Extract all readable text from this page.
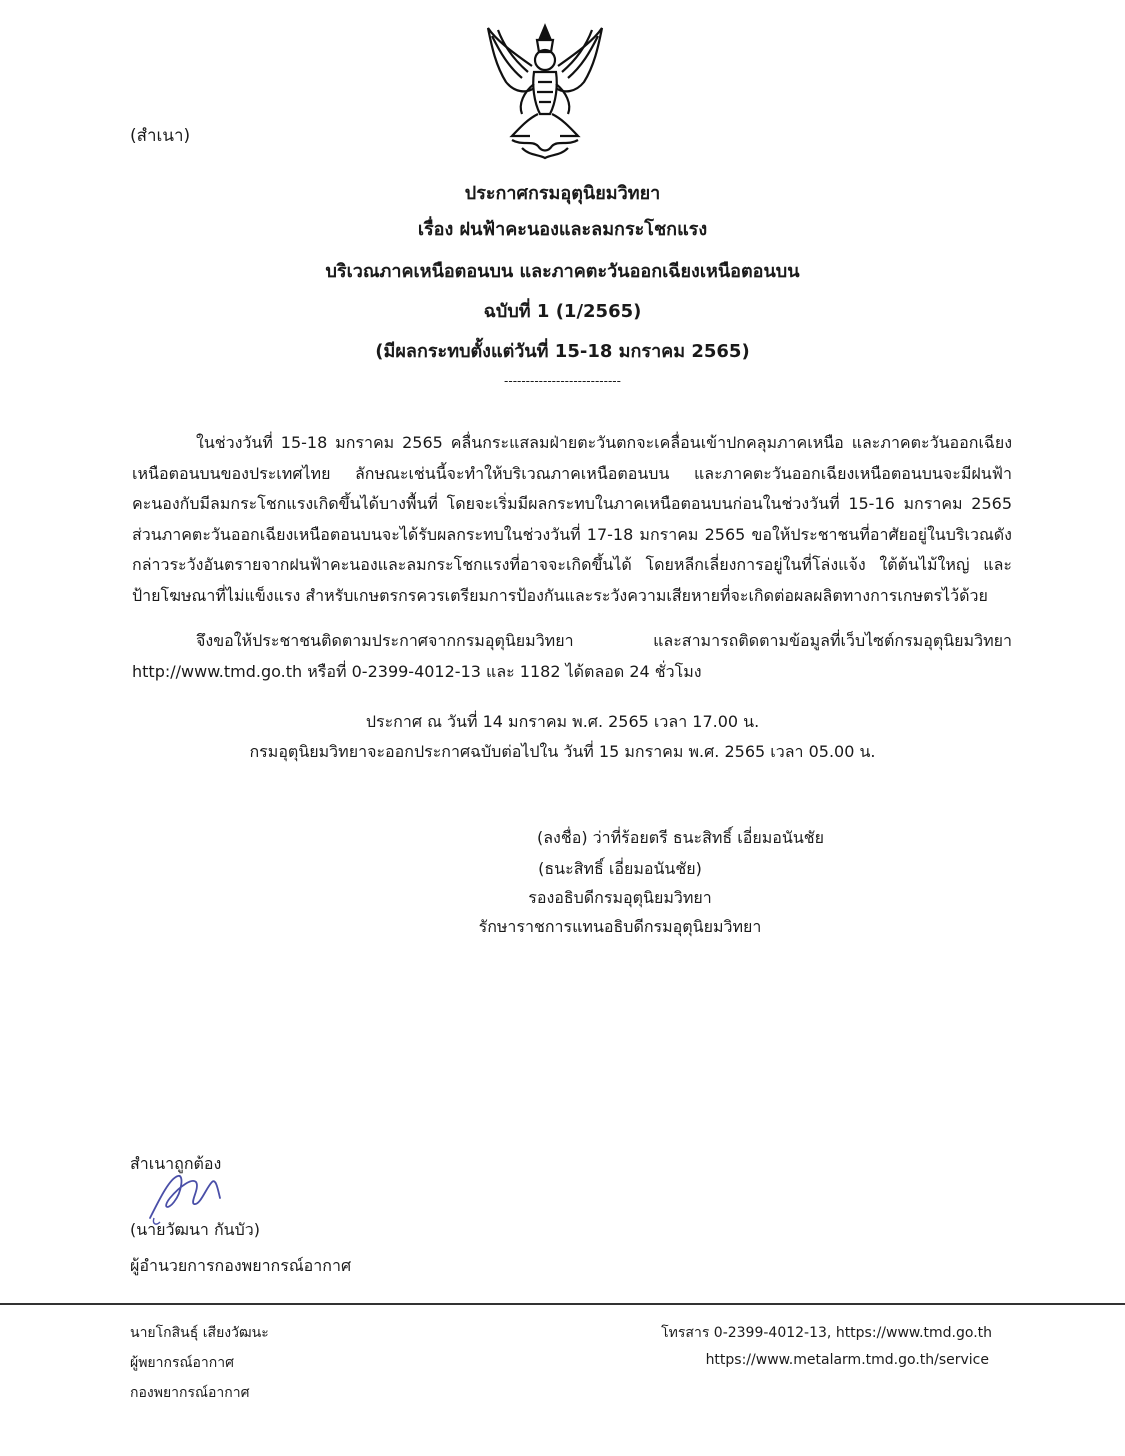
(สำเนา)
ประกาศกรมอุตุนิยมวิทยา
เรื่อง ฝนฟ้าคะนองและลมกระโชกแรง
บริเวณภาคเหนือตอนบน และภาคตะวันออกเฉียงเหนือตอนบน
ฉบับที่ 1 (1/2565)
(มีผลกระทบตั้งแต่วันที่ 15-18 มกราคม 2565)
---------------------------
ในช่วงวันที่ 15-18 มกราคม 2565 คลื่นกระแสลมฝ่ายตะวันตกจะเคลื่อนเข้าปกคลุมภาคเหนือ และภาคตะวันออกเฉียงเหนือตอนบนของประเทศไทย ลักษณะเช่นนี้จะทำให้บริเวณภาคเหนือตอนบน และภาคตะวันออกเฉียงเหนือตอนบนจะมีฝนฟ้าคะนองกับมีลมกระโชกแรงเกิดขึ้นได้บางพื้นที่ โดยจะเริ่มมีผลกระทบในภาคเหนือตอนบนก่อนในช่วงวันที่ 15-16 มกราคม 2565 ส่วนภาคตะวันออกเฉียงเหนือตอนบนจะได้รับผลกระทบในช่วงวันที่ 17-18 มกราคม 2565 ขอให้ประชาชนที่อาศัยอยู่ในบริเวณดังกล่าวระวังอันตรายจากฝนฟ้าคะนองและลมกระโชกแรงที่อาจจะเกิดขึ้นได้ โดยหลีกเลี่ยงการอยู่ในที่โล่งแจ้ง ใต้ต้นไม้ใหญ่ และป้ายโฆษณาที่ไม่แข็งแรง สำหรับเกษตรกรควรเตรียมการป้องกันและระวังความเสียหายที่จะเกิดต่อผลผลิตทางการเกษตรไว้ด้วย
จึงขอให้ประชาชนติดตามประกาศจากกรมอุตุนิยมวิทยา และสามารถติดตามข้อมูลที่เว็บไซต์กรมอุตุนิยมวิทยา http://www.tmd.go.th หรือที่ 0-2399-4012-13 และ 1182 ได้ตลอด 24 ชั่วโมง
ประกาศ ณ วันที่ 14 มกราคม พ.ศ. 2565 เวลา 17.00 น.
กรมอุตุนิยมวิทยาจะออกประกาศฉบับต่อไปใน วันที่ 15 มกราคม พ.ศ. 2565 เวลา 05.00 น.
(ลงชื่อ) ว่าที่ร้อยตรี ธนะสิทธิ์ เอี่ยมอนันชัย
(ธนะสิทธิ์ เอี่ยมอนันชัย)
รองอธิบดีกรมอุตุนิยมวิทยา
รักษาราชการแทนอธิบดีกรมอุตุนิยมวิทยา
สำเนาถูกต้อง
(นายวัฒนา กันบัว)
ผู้อำนวยการกองพยากรณ์อากาศ
นายโกสินธุ์ เสียงวัฒนะ
ผู้พยากรณ์อากาศ
กองพยากรณ์อากาศ
โทรสาร 0-2399-4012-13, https://www.tmd.go.th
https://www.metalarm.tmd.go.th/service
